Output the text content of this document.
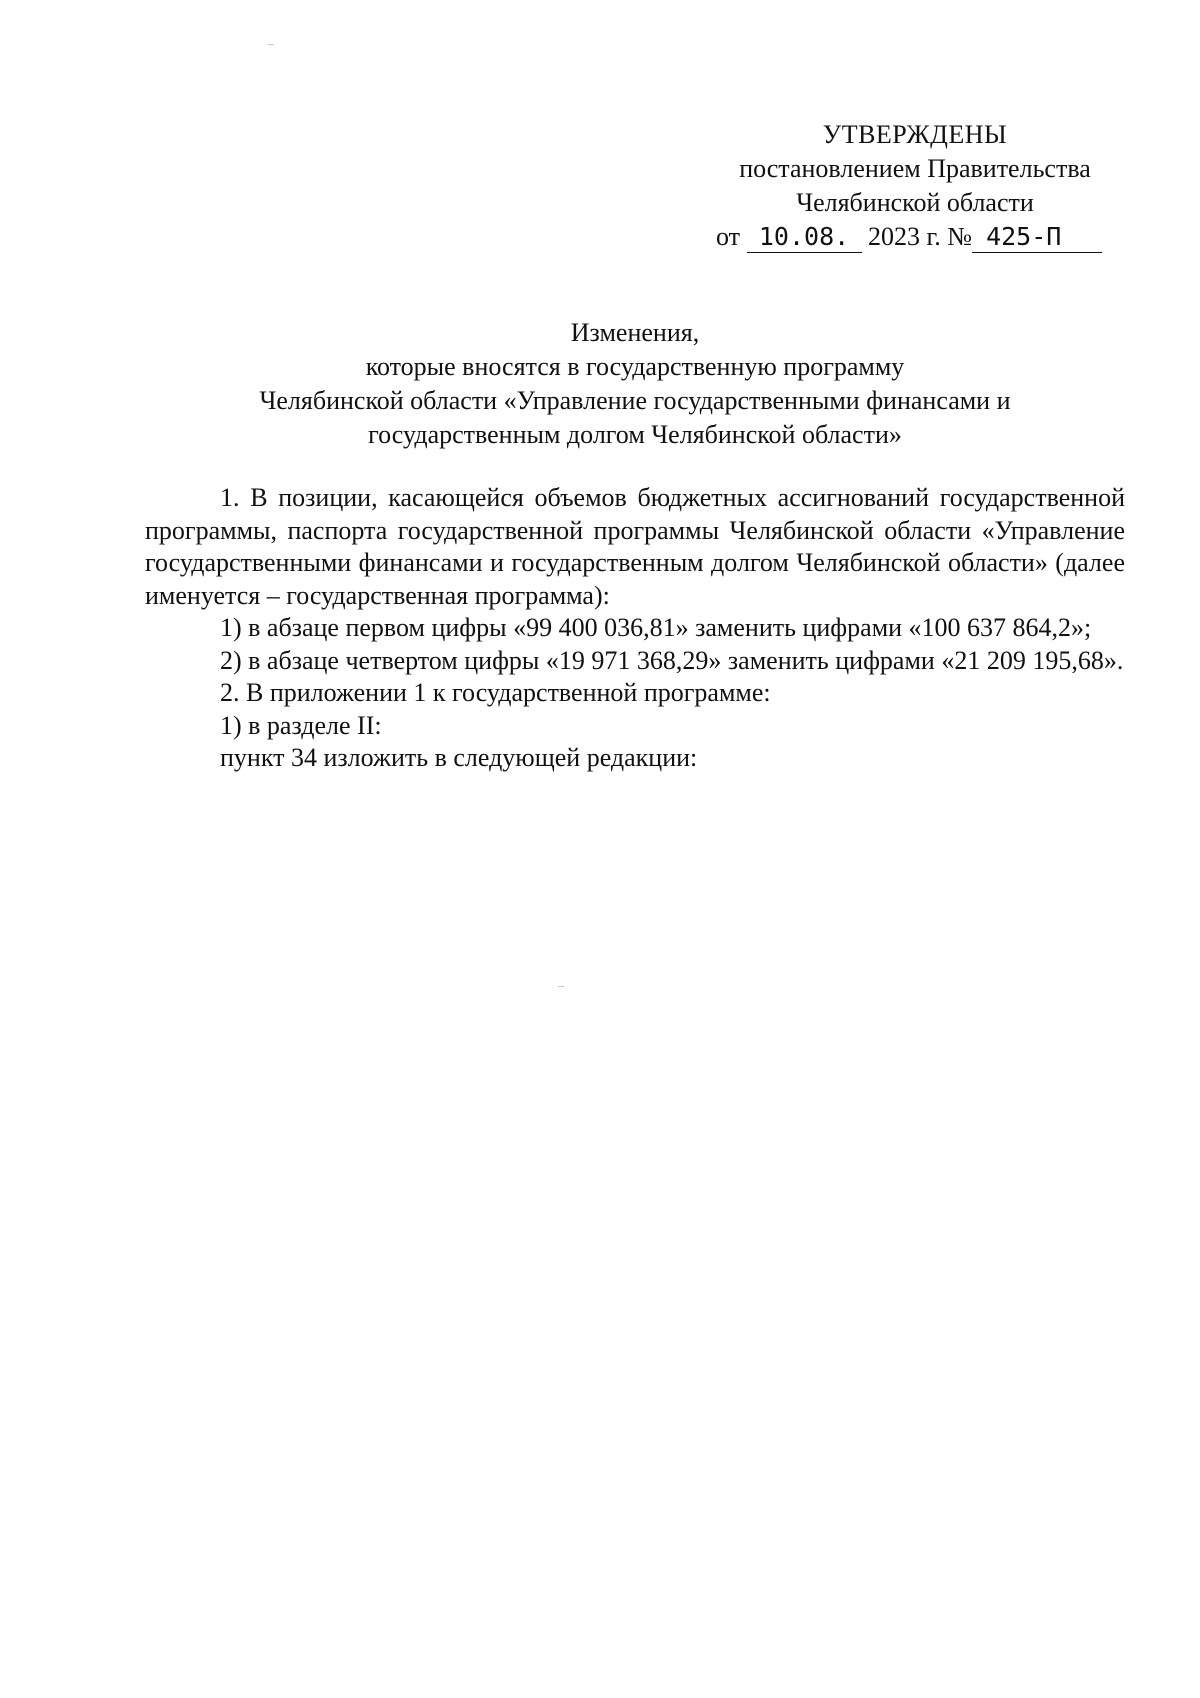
УТВЕРЖДЕНЫ
постановлением Правительства
Челябинской области
от 10.08. 2023 г. № 425-П
Изменения,
которые вносятся в государственную программу
Челябинской области «Управление государственными финансами и
государственным долгом Челябинской области»

1. В позиции, касающейся объемов бюджетных ассигнований государственной программы, паспорта государственной программы Челябинской области «Управление государственными финансами и государственным долгом Челябинской области» (далее именуется – государственная программа):

1) в абзаце первом цифры «99 400 036,81» заменить цифрами «100 637 864,2»;

2) в абзаце четвертом цифры «19 971 368,29» заменить цифрами «21 209 195,68».

2. В приложении 1 к государственной программе:

1) в разделе II:

пункт 34 изложить в следующей редакции:
